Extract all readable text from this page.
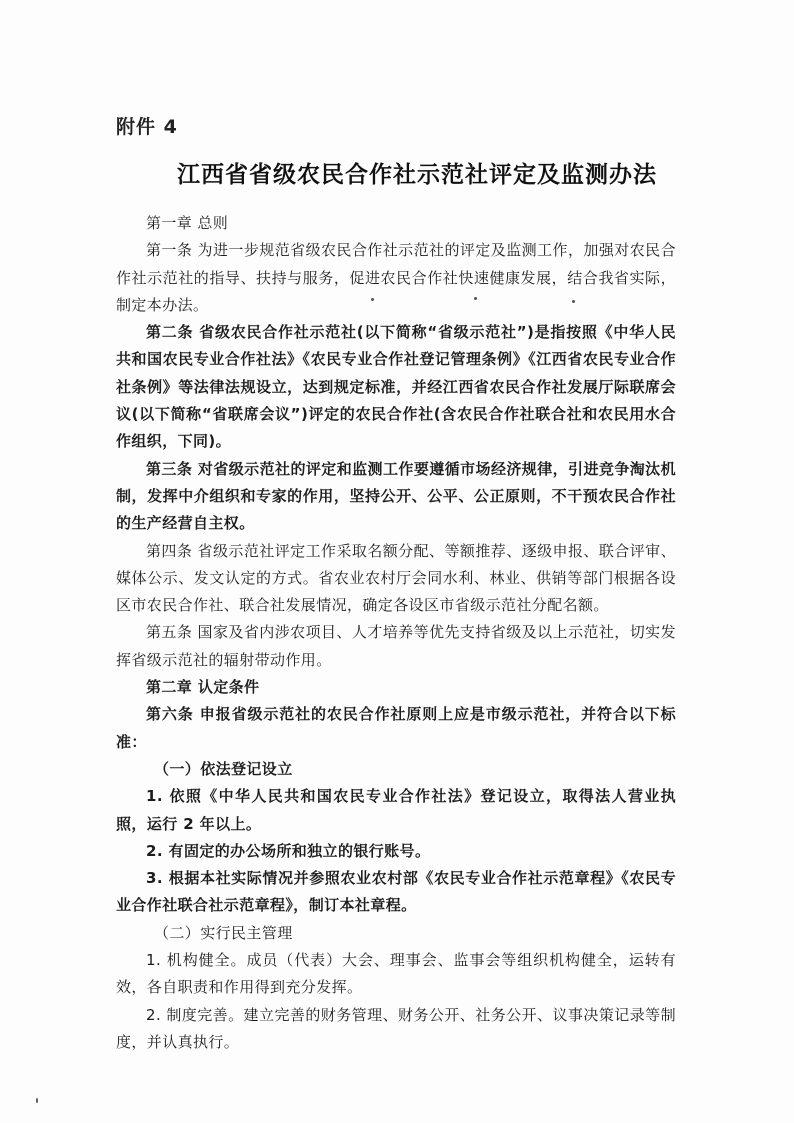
附件 4
江西省省级农民合作社示范社评定及监测办法

第一章 总则

第一条 为进一步规范省级农民合作社示范社的评定及监测工作，加强对农民合作社示范社的指导、扶持与服务，促进农民合作社快速健康发展，结合我省实际，制定本办法。

第二条 省级农民合作社示范社(以下简称“省级示范社”)是指按照《中华人民共和国农民专业合作社法》《农民专业合作社登记管理条例》《江西省农民专业合作社条例》等法律法规设立，达到规定标准，并经江西省农民合作社发展厅际联席会议(以下简称“省联席会议”)评定的农民合作社(含农民合作社联合社和农民用水合作组织，下同)。

第三条 对省级示范社的评定和监测工作要遵循市场经济规律，引进竞争淘汰机制，发挥中介组织和专家的作用，坚持公开、公平、公正原则，不干预农民合作社的生产经营自主权。

第四条 省级示范社评定工作采取名额分配、等额推荐、逐级申报、联合评审、媒体公示、发文认定的方式。省农业农村厅会同水利、林业、供销等部门根据各设区市农民合作社、联合社发展情况，确定各设区市省级示范社分配名额。

第五条 国家及省内涉农项目、人才培养等优先支持省级及以上示范社，切实发挥省级示范社的辐射带动作用。

第二章 认定条件

第六条 申报省级示范社的农民合作社原则上应是市级示范社，并符合以下标准：

（一）依法登记设立

1. 依照《中华人民共和国农民专业合作社法》登记设立，取得法人营业执照，运行 2 年以上。

2. 有固定的办公场所和独立的银行账号。

3. 根据本社实际情况并参照农业农村部《农民专业合作社示范章程》《农民专业合作社联合社示范章程》，制订本社章程。

（二）实行民主管理

1. 机构健全。成员（代表）大会、理事会、监事会等组织机构健全，运转有效，各自职责和作用得到充分发挥。

2. 制度完善。建立完善的财务管理、财务公开、社务公开、议事决策记录等制度，并认真执行。
